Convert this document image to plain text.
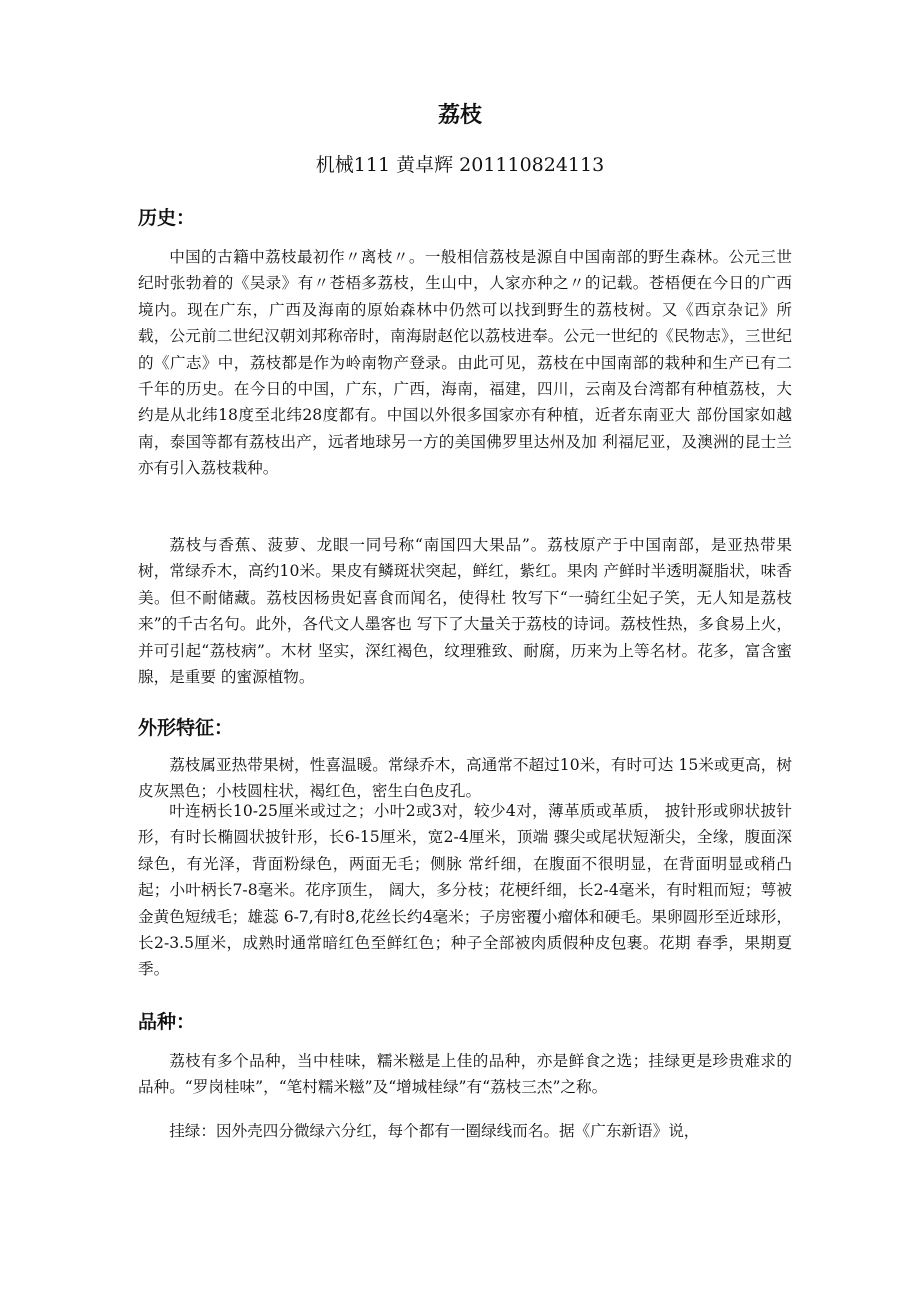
荔枝
机械111 黄卓辉 201110824113
历史：

中国的古籍中荔枝最初作〃离枝〃。一般相信荔枝是源自中国南部的野生森林。公元三世纪时张勃着的《吴录》有〃苍梧多荔枝，生山中，人家亦种之〃的记载。苍梧便在今日的广西境内。现在广东，广西及海南的原始森林中仍然可以找到野生的荔枝树。又《西京杂记》所载，公元前二世纪汉朝刘邦称帝时，南海尉赵佗以荔枝进奉。公元一世纪的《民物志》，三世纪的《广志》中，荔枝都是作为岭南物产登录。由此可见，荔枝在中国南部的栽种和生产已有二千年的历史。在今日的中国，广东，广西，海南，福建，四川，云南及台湾都有种植荔枝，大约是从北纬18度至北纬28度都有。中国以外很多国家亦有种植，近者东南亚大 部份国家如越南，泰国等都有荔枝出产，远者地球另一方的美国佛罗里达州及加 利福尼亚，及澳洲的昆士兰亦有引入荔枝栽种。

荔枝与香蕉、菠萝、龙眼一同号称“南国四大果品”。荔枝原产于中国南部，是亚热带果树，常绿乔木，高约10米。果皮有鳞斑状突起，鲜红，紫红。果肉 产鲜时半透明凝脂状，味香美。但不耐储藏。荔枝因杨贵妃喜食而闻名，使得杜 牧写下“一骑红尘妃子笑，无人知是荔枝来”的千古名句。此外，各代文人墨客也 写下了大量关于荔枝的诗词。荔枝性热，多食易上火，并可引起“荔枝病”。木材 坚实，深红褐色，纹理雅致、耐腐，历来为上等名材。花多，富含蜜腺，是重要 的蜜源植物。

外形特征：

荔枝属亚热带果树，性喜温暖。常绿乔木，高通常不超过10米，有时可达 15米或更高，树皮灰黑色；小枝圆柱状，褐红色，密生白色皮孔。

叶连柄长10-25厘米或过之；小叶2或3对，较少4对，薄革质或革质， 披针形或卵状披针形，有时长椭圆状披针形，长6-15厘米，宽2-4厘米，顶端 骤尖或尾状短渐尖，全缘，腹面深绿色，有光泽，背面粉绿色，两面无毛；侧脉 常纤细，在腹面不很明显，在背面明显或稍凸起；小叶柄长7-8毫米。花序顶生， 阔大，多分枝；花梗纤细，长2-4毫米，有时粗而短；萼被金黄色短绒毛；雄蕊 6-7,有时8,花丝长约4毫米；子房密覆小瘤体和硬毛。果卵圆形至近球形， 长2-3.5厘米，成熟时通常暗红色至鲜红色；种子全部被肉质假种皮包裹。花期 春季，果期夏季。

品种：

荔枝有多个品种，当中桂味，糯米糍是上佳的品种，亦是鲜食之选；挂绿更是珍贵难求的品种。“罗岗桂味”，“笔村糯米糍”及“增城桂绿”有“荔枝三杰”之称。

挂绿：因外壳四分微绿六分红，每个都有一圈绿线而名。据《广东新语》说，
